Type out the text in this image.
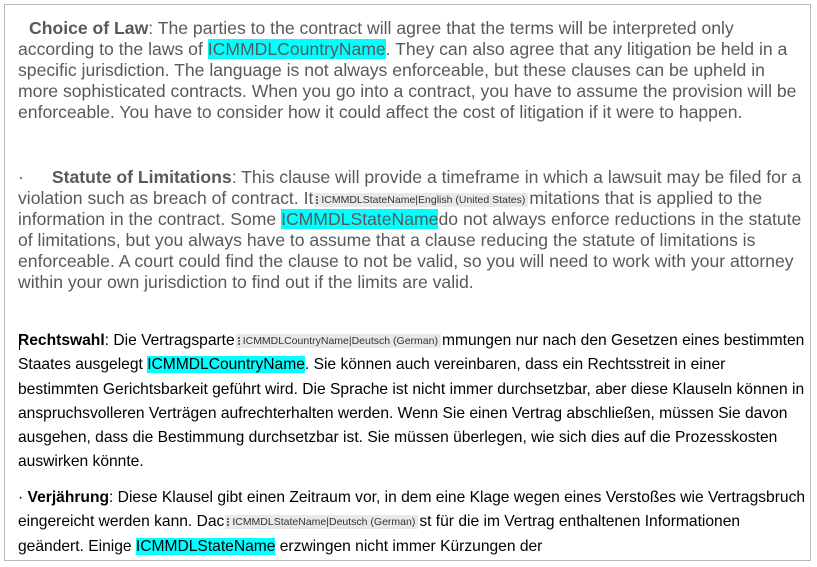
Choice of Law: The parties to the contract will agree that the terms will be interpreted only according to the laws of ICMMDLCountryName. They can also agree that any litigation be held in a specific jurisdiction. The language is not always enforceable, but these clauses can be upheld in more sophisticated contracts. When you go into a contract, you have to assume the provision will be enforceable. You have to consider how it could affect the cost of litigation if it were to happen.

· Statute of Limitations: This clause will provide a timeframe in which a lawsuit may be filed for a violation such as breach of contract. It ICMMDLStateName|English (United States) mitations that is applied to the information in the contract. Some ICMMDLStateNamedo not always enforce reductions in the statute of limitations, but you always have to assume that a clause reducing the statute of limitations is enforceable. A court could find the clause to not be valid, so you will need to work with your attorney within your own jurisdiction to find out if the limits are valid.

Rechtswahl: Die Vertragsparte ICMMDLCountryName|Deutsch (German) mmungen nur nach den Gesetzen eines bestimmten Staates ausgelegt ICMMDLCountryName. Sie können auch vereinbaren, dass ein Rechtsstreit in einer bestimmten Gerichtsbarkeit geführt wird. Die Sprache ist nicht immer durchsetzbar, aber diese Klauseln können in anspruchsvolleren Verträgen aufrechterhalten werden. Wenn Sie einen Vertrag abschließen, müssen Sie davon ausgehen, dass die Bestimmung durchsetzbar ist. Sie müssen überlegen, wie sich dies auf die Prozesskosten auswirken könnte.

· Verjährung: Diese Klausel gibt einen Zeitraum vor, in dem eine Klage wegen eines Verstoßes wie Vertragsbruch eingereicht werden kann. Dac ICMMDLStateName|Deutsch (German) st für die im Vertrag enthaltenen Informationen geändert. Einige ICMMDLStateName erzwingen nicht immer Kürzungen der
